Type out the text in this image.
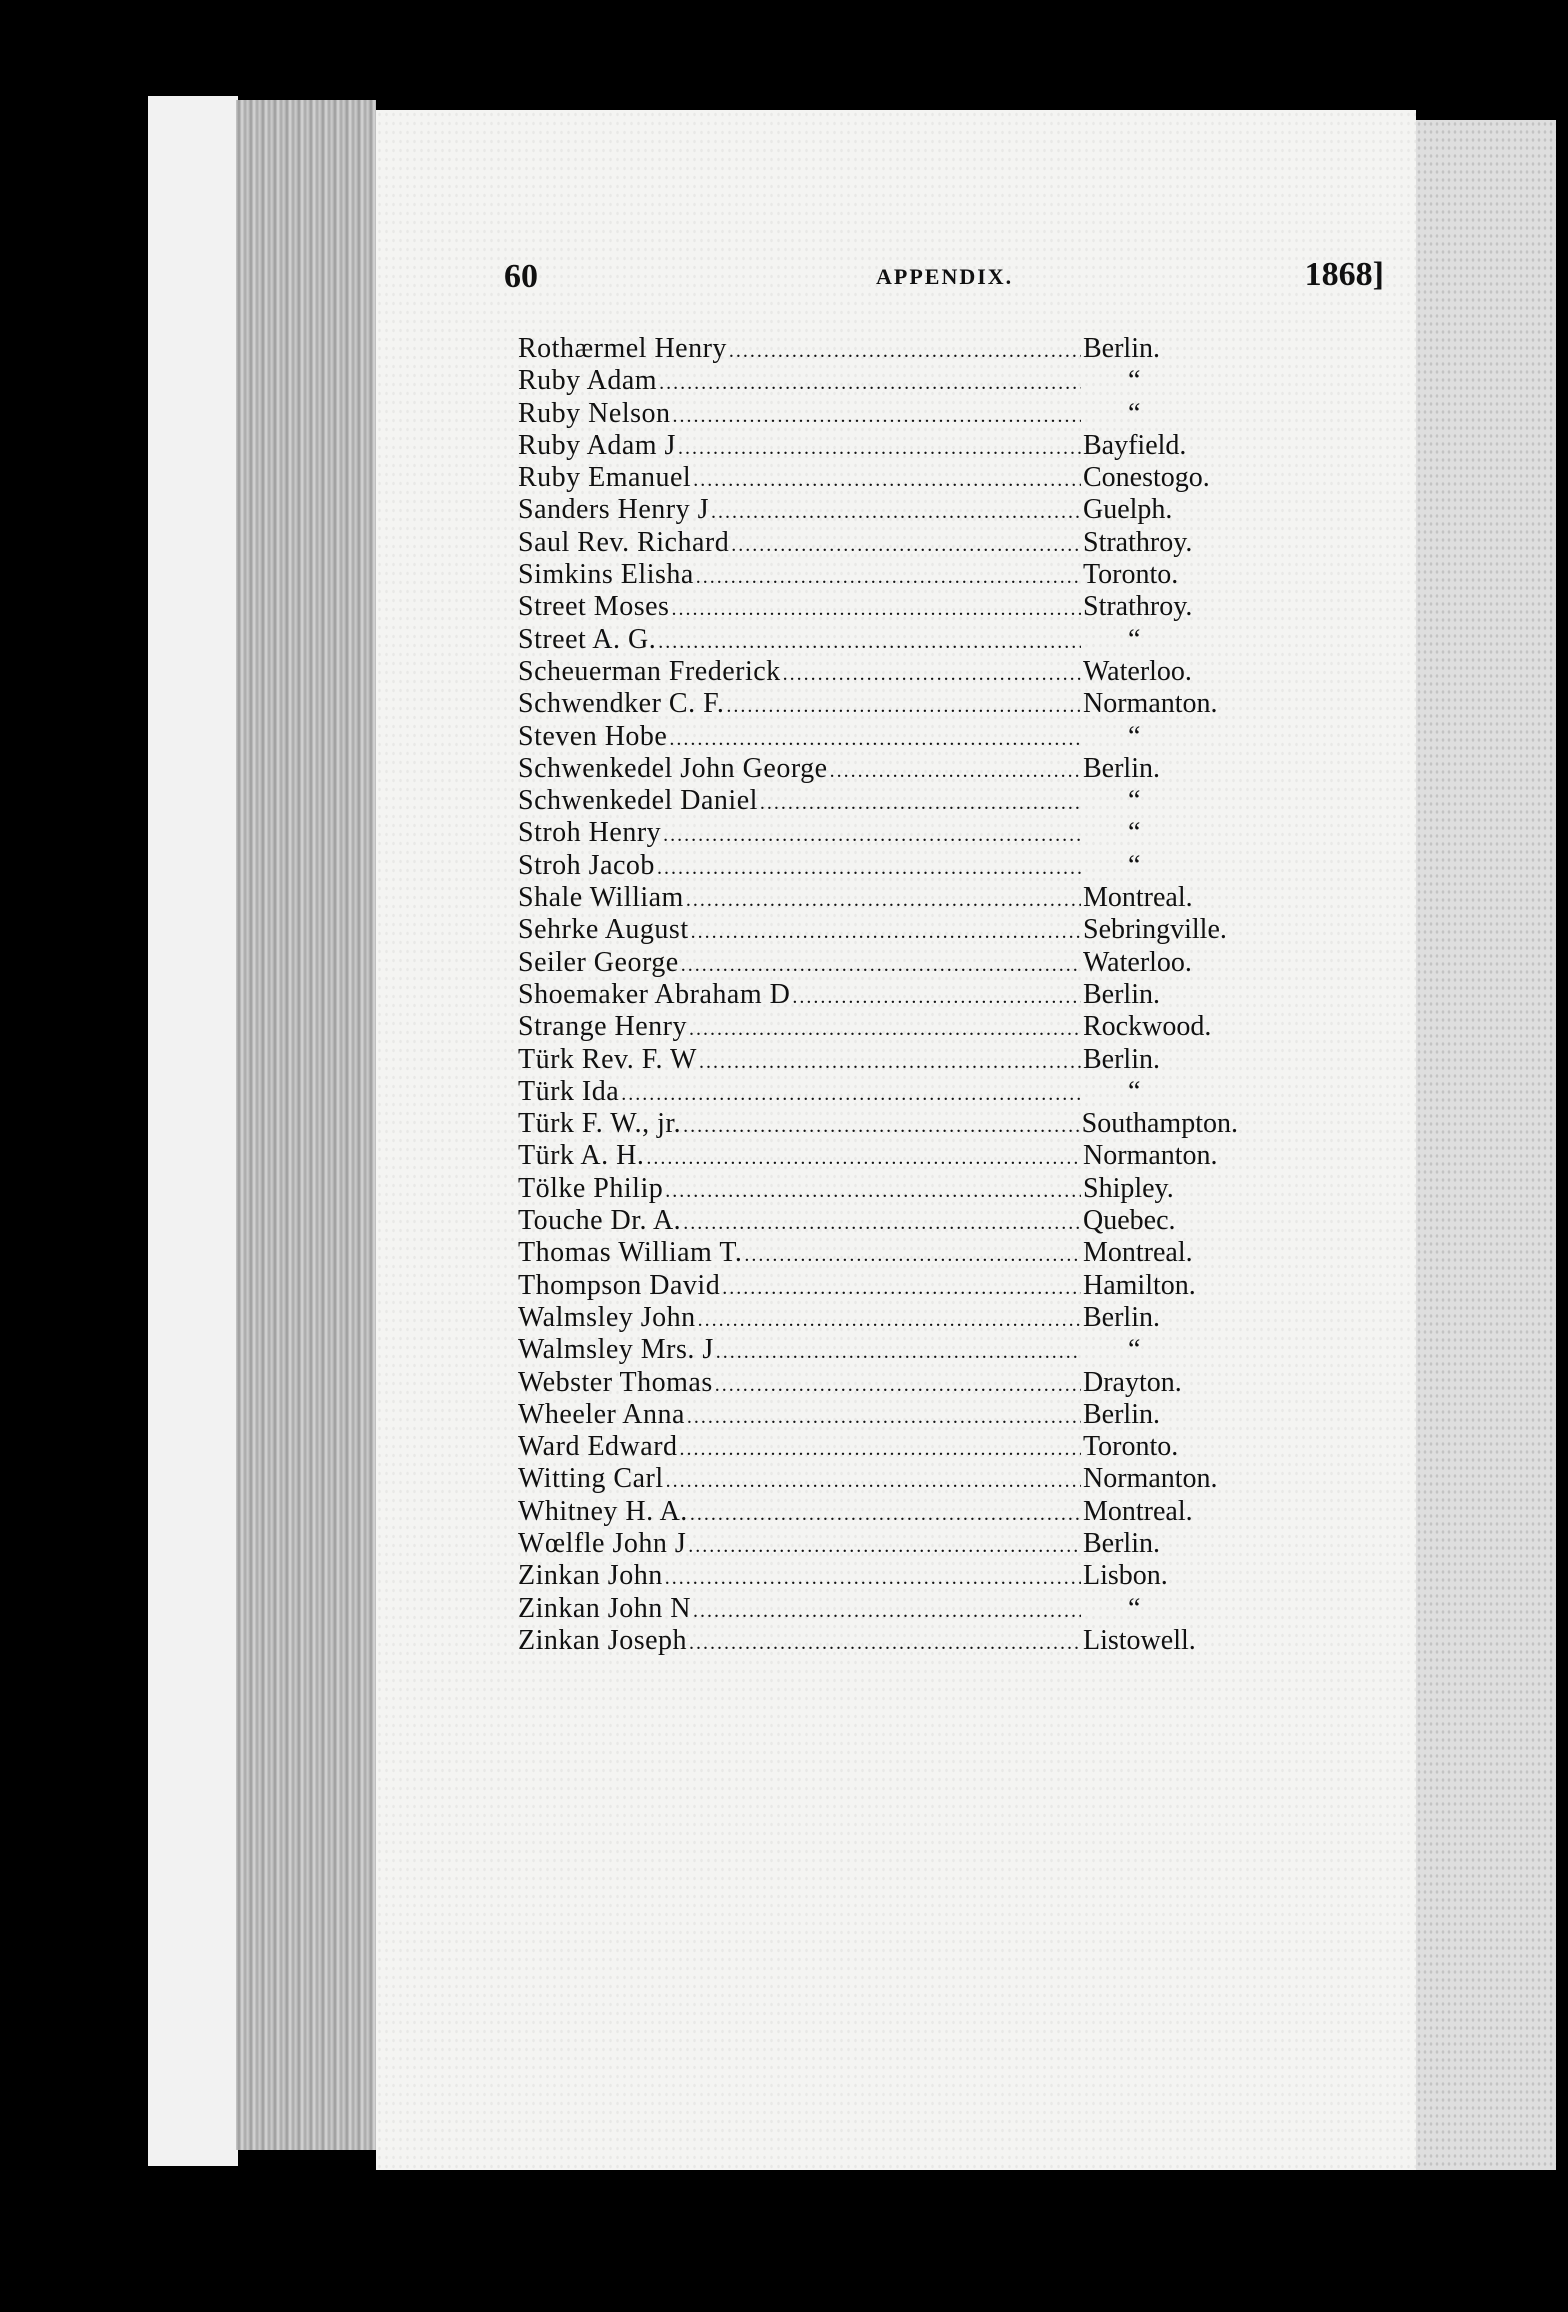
60	APPENDIX.	1868]
Rothærmel Henry .....	Berlin.
Ruby Adam .....	“
Ruby Nelson .....	“
Ruby Adam J .....	Bayfield.
Ruby Emanuel .....	Conestogo.
Sanders Henry J .....	Guelph.
Saul Rev. Richard .....	Strathroy.
Simkins Elisha .....	Toronto.
Street Moses .....	Strathroy.
Street A. G. .....	“
Scheuerman Frederick .....	Waterloo.
Schwendker C. F. .....	Normanton.
Steven Hobe .....	“
Schwenkedel John George .....	Berlin.
Schwenkedel Daniel .....	“
Stroh Henry .....	“
Stroh Jacob .....	“
Shale William .....	Montreal.
Sehrke August .....	Sebringville.
Seiler George .....	Waterloo.
Shoemaker Abraham D .....	Berlin.
Strange Henry .....	Rockwood.
Türk Rev. F. W .....	Berlin.
Türk Ida .....	“
Türk F. W., jr. .....	Southampton.
Türk A. H. .....	Normanton.
Tölke Philip .....	Shipley.
Touche Dr. A. .....	Quebec.
Thomas William T. .....	Montreal.
Thompson David .....	Hamilton.
Walmsley John .....	Berlin.
Walmsley Mrs. J .....	“
Webster Thomas .....	Drayton.
Wheeler Anna .....	Berlin.
Ward Edward .....	Toronto.
Witting Carl .....	Normanton.
Whitney H. A. .....	Montreal.
Wœlfle John J .....	Berlin.
Zinkan John .....	Lisbon.
Zinkan John N .....	“
Zinkan Joseph .....	Listowell.
